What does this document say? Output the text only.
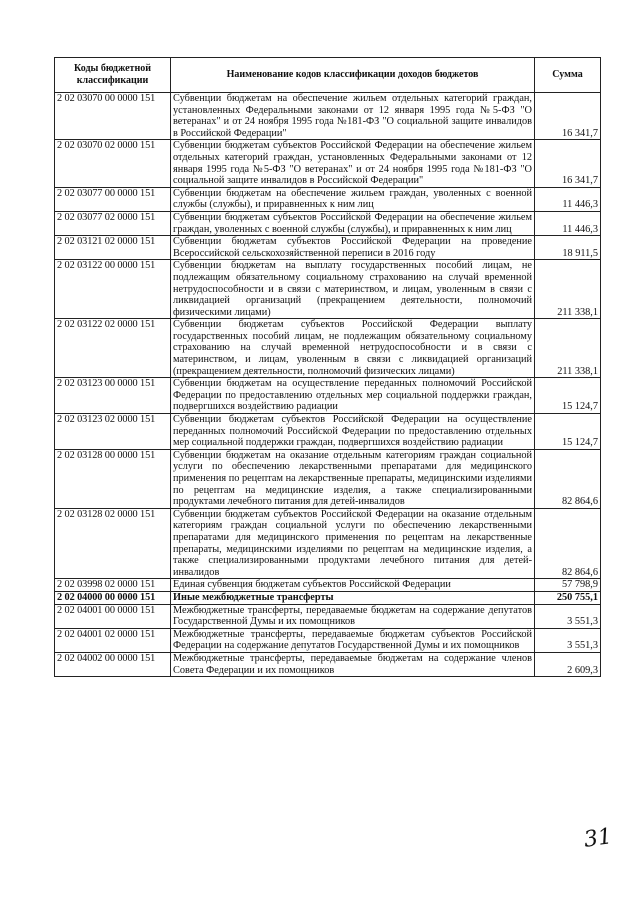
Коды бюджетной классификации	Наименование кодов классификации доходов бюджетов	Сумма
2 02 03070 00 0000 151	Субвенции бюджетам на обеспечение жильем отдельных категорий граждан, установленных Федеральными законами от 12 января 1995 года №5-ФЗ "О ветеранах" и от 24 ноября 1995 года №181-ФЗ "О социальной защите инвалидов в Российской Федерации"	16 341,7
2 02 03070 02 0000 151	Субвенции бюджетам субъектов Российской Федерации на обеспечение жильем отдельных категорий граждан, установленных Федеральными законами от 12 января 1995 года №5-ФЗ "О ветеранах" и от 24 ноября 1995 года №181-ФЗ "О социальной защите инвалидов в Российской Федерации"	16 341,7
2 02 03077 00 0000 151	Субвенции бюджетам на обеспечение жильем граждан, уволенных с военной службы (службы), и приравненных к ним лиц	11 446,3
2 02 03077 02 0000 151	Субвенции бюджетам субъектов Российской Федерации на обеспечение жильем граждан, уволенных с военной службы (службы), и приравненных к ним лиц	11 446,3
2 02 03121 02 0000 151	Субвенции бюджетам субъектов Российской Федерации на проведение Всероссийской сельскохозяйственной переписи в 2016 году	18 911,5
2 02 03122 00 0000 151	Субвенции бюджетам на выплату государственных пособий лицам, не подлежащим обязательному социальному страхованию на случай временной нетрудоспособности и в связи с материнством, и лицам, уволенным в связи с ликвидацией организаций (прекращением деятельности, полномочий физическими лицами)	211 338,1
2 02 03122 02 0000 151	Субвенции бюджетам субъектов Российской Федерации выплату государственных пособий лицам, не подлежащим обязательному социальному страхованию на случай временной нетрудоспособности и в связи с материнством, и лицам, уволенным в связи с ликвидацией организаций (прекращением деятельности, полномочий физических лицами)	211 338,1
2 02 03123 00 0000 151	Субвенции бюджетам на осуществление переданных полномочий Российской Федерации по предоставлению отдельных мер социальной поддержки граждан, подвергшихся воздействию радиации	15 124,7
2 02 03123 02 0000 151	Субвенции бюджетам субъектов Российской Федерации на осуществление переданных полномочий Российской Федерации по предоставлению отдельных мер социальной поддержки граждан, подвергшихся воздействию радиации	15 124,7
2 02 03128 00 0000 151	Субвенции бюджетам на оказание отдельным категориям граждан социальной услуги по обеспечению лекарственными препаратами для медицинского применения по рецептам на лекарственные препараты, медицинскими изделиями по рецептам на медицинские изделия, а также специализированными продуктами лечебного питания для детей-инвалидов	82 864,6
2 02 03128 02 0000 151	Субвенции бюджетам субъектов Российской Федерации на оказание отдельным категориям граждан социальной услуги по обеспечению лекарственными препаратами для медицинского применения по рецептам на лекарственные препараты, медицинскими изделиями по рецептам на медицинские изделия, а также специализированными продуктами лечебного питания для детей-инвалидов	82 864,6
2 02 03998 02 0000 151	Единая субвенция бюджетам субъектов Российской Федерации	57 798,9
2 02 04000 00 0000 151	Иные межбюджетные трансферты	250 755,1
2 02 04001 00 0000 151	Межбюджетные трансферты, передаваемые бюджетам на содержание депутатов Государственной Думы и их помощников	3 551,3
2 02 04001 02 0000 151	Межбюджетные трансферты, передаваемые бюджетам субъектов Российской Федерации на содержание депутатов Государственной Думы и их помощников	3 551,3
2 02 04002 00 0000 151	Межбюджетные трансферты, передаваемые бюджетам на содержание членов Совета Федерации и их помощников	2 609,3
31
